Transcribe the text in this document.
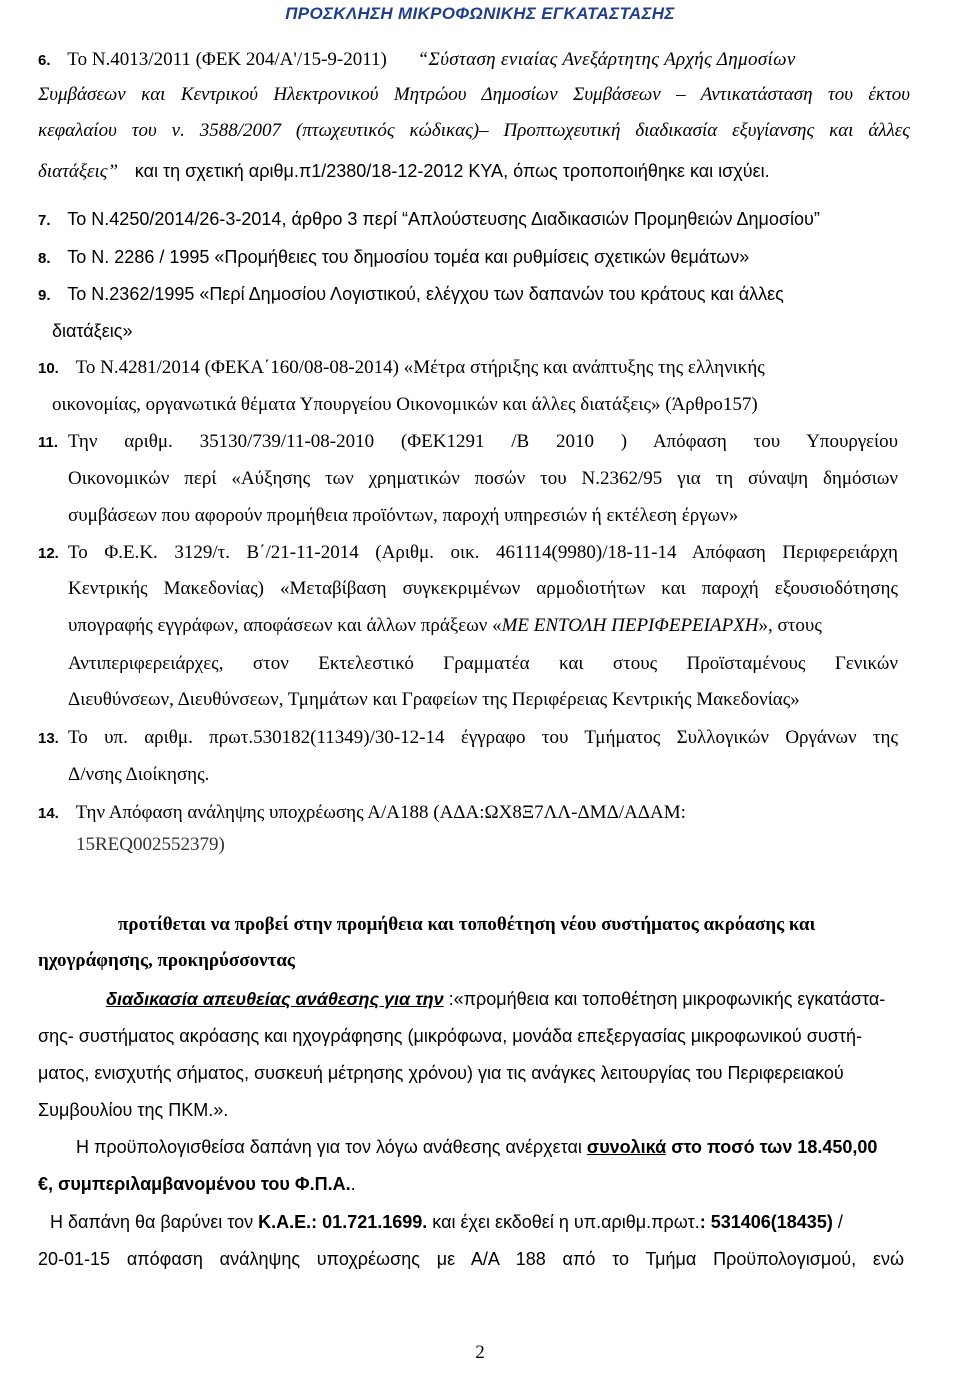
ΠΡΟΣΚΛΗΣΗ ΜΙΚΡΟΦΩΝΙΚΗΣ ΕΓΚΑΤΑΣΤΑΣΗΣ
6. Το Ν.4013/2011 (ΦΕΚ 204/Α'/15-9-2011) “Σύσταση ενιαίας Ανεξάρτητης Αρχής Δημοσίων
Συμβάσεων και Κεντρικού Ηλεκτρονικού Μητρώου Δημοσίων Συμβάσεων – Αντικατάσταση του έκτου
κεφαλαίου του ν. 3588/2007 (πτωχευτικός κώδικας)– Προπτωχευτική διαδικασία εξυγίανσης και άλλες
διατάξεις” και τη σχετική αριθμ.π1/2380/18-12-2012 ΚΥΑ, όπως τροποποιήθηκε και ισχύει.
7. Το Ν.4250/2014/26-3-2014, άρθρο 3 περί “Απλούστευσης Διαδικασιών Προμηθειών Δημοσίου”
8. Το Ν. 2286 / 1995 «Προμήθειες του δημοσίου τομέα και ρυθμίσεις σχετικών θεμάτων»
9. Το Ν.2362/1995 «Περί Δημοσίου Λογιστικού, ελέγχου των δαπανών του κράτους και άλλες
διατάξεις»
10. Το Ν.4281/2014 (ΦΕΚΑ΄160/08-08-2014) «Μέτρα στήριξης και ανάπτυξης της ελληνικής
οικονομίας, οργανωτικά θέματα Υπουργείου Οικονομικών και άλλες διατάξεις» (Άρθρο157)
11. Την αριθμ. 35130/739/11-08-2010 (ΦΕΚ1291 /Β 2010 ) Απόφαση του Υπουργείου
Οικονομικών περί «Αύξησης των χρηματικών ποσών του Ν.2362/95 για τη σύναψη δημόσιων
συμβάσεων που αφορούν προμήθεια προϊόντων, παροχή υπηρεσιών ή εκτέλεση έργων»
12. Το Φ.Ε.Κ. 3129/τ. Β΄/21-11-2014 (Αριθμ. οικ. 461114(9980)/18-11-14 Απόφαση Περιφερειάρχη
Κεντρικής Μακεδονίας) «Μεταβίβαση συγκεκριμένων αρμοδιοτήτων και παροχή εξουσιοδότησης
υπογραφής εγγράφων, αποφάσεων και άλλων πράξεων «ΜΕ ΕΝΤΟΛΗ ΠΕΡΙΦΕΡΕΙΑΡΧΗ», στους
Αντιπεριφερειάρχες, στον Εκτελεστικό Γραμματέα και στους Προϊσταμένους Γενικών
Διευθύνσεων, Διευθύνσεων, Τμημάτων και Γραφείων της Περιφέρειας Κεντρικής Μακεδονίας»
13. Το υπ. αριθμ. πρωτ.530182(11349)/30-12-14 έγγραφο του Τμήματος Συλλογικών Οργάνων της
Δ/νσης Διοίκησης.
14. Την Απόφαση ανάληψης υποχρέωσης Α/Α188 (ΑΔΑ:ΩΧ8Ξ7ΛΛ-ΔΜΔ/ΑΔΑΜ:
15REQ002552379)
προτίθεται να προβεί στην προμήθεια και τοποθέτηση νέου συστήματος ακρόασης και
ηχογράφησης, προκηρύσσοντας
διαδικασία απευθείας ανάθεσης για την :«προμήθεια και τοποθέτηση μικροφωνικής εγκατάστα-
σης- συστήματος ακρόασης και ηχογράφησης (μικρόφωνα, μονάδα επεξεργασίας μικροφωνικού συστή-
ματος, ενισχυτής σήματος, συσκευή μέτρησης χρόνου) για τις ανάγκες λειτουργίας του Περιφερειακού
Συμβουλίου της ΠΚΜ.».
Η προϋπολογισθείσα δαπάνη για τον λόγω ανάθεσης ανέρχεται συνολικά στο ποσό των 18.450,00
€, συμπεριλαμβανομένου του Φ.Π.Α..
Η δαπάνη θα βαρύνει τον Κ.Α.Ε.: 01.721.1699. και έχει εκδοθεί η υπ.αριθμ.πρωτ.: 531406(18435) /
20-01-15 απόφαση ανάληψης υποχρέωσης με Α/Α 188 από το Τμήμα Προϋπολογισμού, ενώ
2
